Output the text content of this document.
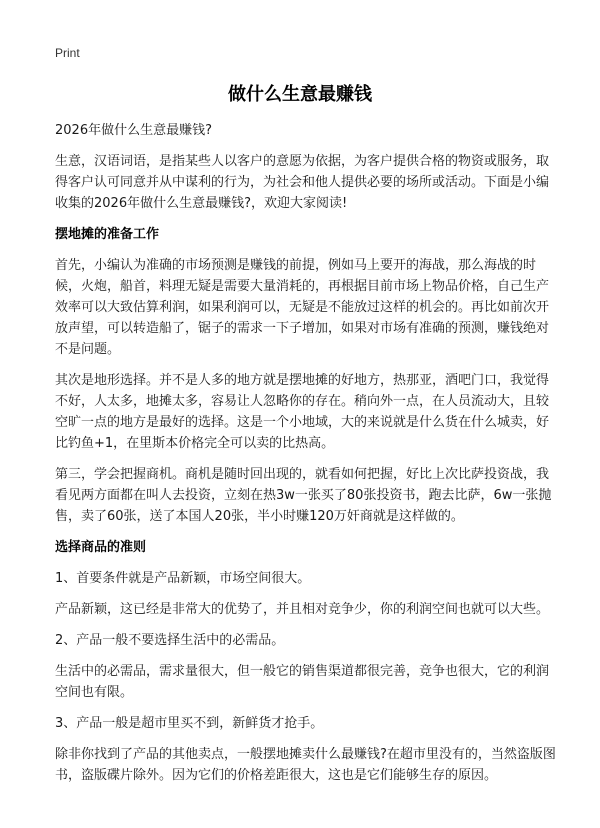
Print
做什么生意最赚钱

2026年做什么生意最赚钱?

生意，汉语词语，是指某些人以客户的意愿为依据，为客户提供合格的物资或服务，取得客户认可同意并从中谋利的行为，为社会和他人提供必要的场所或活动。下面是小编收集的2026年做什么生意最赚钱?，欢迎大家阅读!

摆地摊的准备工作

首先，小编认为准确的市场预测是赚钱的前提，例如马上要开的海战，那么海战的时候，火炮，船首，料理无疑是需要大量消耗的，再根据目前市场上物品价格，自己生产效率可以大致估算利润，如果利润可以，无疑是不能放过这样的机会的。再比如前次开放声望，可以转造船了，锯子的需求一下子增加，如果对市场有准确的预测，赚钱绝对不是问题。

其次是地形选择。并不是人多的地方就是摆地摊的好地方，热那亚，酒吧门口，我觉得不好，人太多，地摊太多，容易让人忽略你的存在。稍向外一点，在人员流动大，且较空旷一点的地方是最好的选择。这是一个小地域，大的来说就是什么货在什么城卖，好比钓鱼+1，在里斯本价格完全可以卖的比热高。

第三，学会把握商机。商机是随时回出现的，就看如何把握，好比上次比萨投资战，我看见两方面都在叫人去投资，立刻在热3w一张买了80张投资书，跑去比萨，6w一张抛售，卖了60张，送了本国人20张，半小时赚120万奸商就是这样做的。

选择商品的准则

1、首要条件就是产品新颖，市场空间很大。

产品新颖，这已经是非常大的优势了，并且相对竞争少，你的利润空间也就可以大些。

2、产品一般不要选择生活中的必需品。

生活中的必需品，需求量很大，但一般它的销售渠道都很完善，竞争也很大，它的利润空间也有限。

3、产品一般是超市里买不到，新鲜货才抢手。

除非你找到了产品的其他卖点，一般摆地摊卖什么最赚钱?在超市里没有的，当然盗版图书，盗版碟片除外。因为它们的价格差距很大，这也是它们能够生存的原因。
